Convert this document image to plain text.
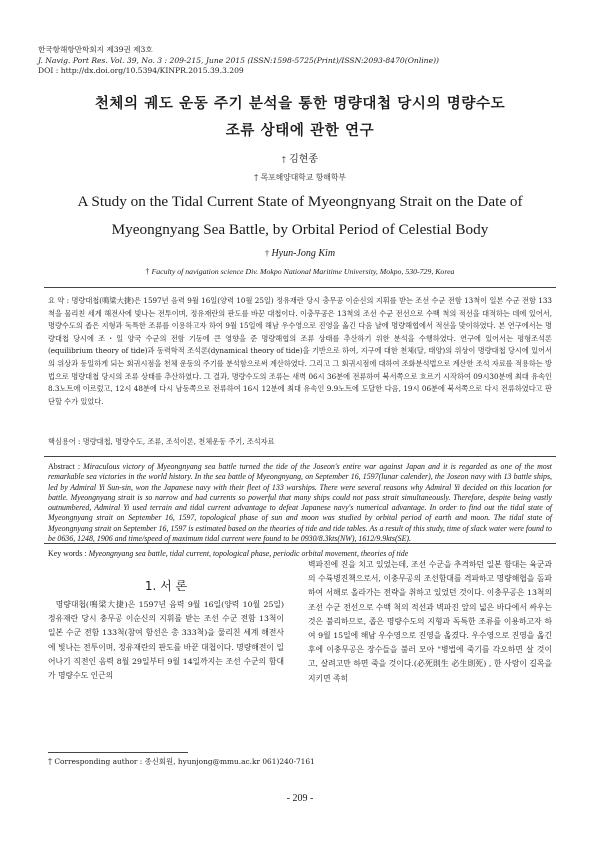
한국항해항만학회지 제39권 제3호
J. Navig. Port Res. Vol. 39, No. 3 : 209-215, June 2015 (ISSN:1598-5725(Print)/ISSN:2093-8470(Online))
DOI : http://dx.doi.org/10.5394/KINPR.2015.39.3.209
천체의 궤도 운동 주기 분석을 통한 명량대첩 당시의 명량수도
조류 상태에 관한 연구
† 김현종
† 목포해양대학교 항해학부
A Study on the Tidal Current State of Myeongnyang Strait on the Date of
Myeongnyang Sea Battle, by Orbital Period of Celestial Body
† Hyun-Jong Kim
† Faculty of navigation science Div. Mokpo National Maritime University, Mokpo, 530-729, Korea
요 약 : 명량대첩(鳴梁大捷)은 1597년 음력 9월 16일(양력 10월 25일) 정유재란 당시 충무공 이순신의 지휘를 받는 조선 수군 전함 13척이 일본 수군 전함 133척을 물리친 세계 해전사에 빛나는 전투이며, 정유재란의 판도를 바꾼 대첩이다. 이충무공은 13척의 조선 수군 전선으로 수백 척의 적선을 대적하는 데에 있어서, 명량수도의 좁은 지형과 독특한 조류를 이용하고자 하여 9월 15일에 해남 우수영으로 진영을 옮긴 다음 날에 명량해협에서 적선을 맞이하였다. 본 연구에서는 명량대첩 당시에 조・일 양국 수군의 전함 기동에 큰 영향을 준 명량해협의 조류 상태를 추산하기 위한 분석을 수행하였다. 연구에 있어서는 평형조석론(equilibrium theory of tide)과 동력학적 조석론(dynamical theory of tide)을 기반으로 하여, 지구에 대한 천체(달, 태양)의 위상이 명량대첩 당시에 있어서의 위상과 동일하게 되는 회귀시점을 천체 운동의 주기를 분석함으로써 계산하였다. 그리고 그 회귀시점에 대하여 조화분석법으로 계산한 조석 자료를 적용하는 방법으로 명량대첩 당시의 조류 상태를 추산하였다. 그 결과, 명량수도의 조류는 새벽 06시 36분에 전류하여 북서쪽으로 흐르기 시작하여 09시30분에 최대 유속인 8.3노트에 이르렀고, 12시 48분에 다시 남동쪽으로 전류하여 16시 12분에 최대 유속인 9.9노트에 도달한 다음, 19시 06분에 북서쪽으로 다시 전류하였다고 판단할 수가 있었다.
핵심용어 : 명량대첩, 명량수도, 조류, 조석이론, 천체운동 주기, 조석자료
Abstract : Miraculous victory of Myeongnyang sea battle turned the tide of the Joseon's entire war against Japan and it is regarded as one of the most remarkable sea victories in the world history. In the sea battle of Myeongnyang, on September 16, 1597(lunar calender), the Joseon navy with 13 battle ships, led by Admiral Yi Sun-sin, won the Japanese navy with their fleet of 133 warships. There were several reasons why Admiral Yi decided on this location for battle. Myeongnyang strait is so narrow and had currents so powerful that many ships could not pass strait simultaneously. Therefore, despite being vastly outnumbered, Admiral Yi used terrain and tidal current advantage to defeat Japanese navy's numerical advantage. In order to find out the tidal state of Myeongnyang strait on September 16, 1597, topological phase of sun and moon was studied by orbital period of earth and moon. The tidal state of Myeongnyang strait on September 16, 1597 is estimated based on the theories of tide and tide tables. As a result of this study, time of slack water were found to be 0636, 1248, 1906 and time/speed of maximum tidal current were found to be 0930/8.3kts(NW), 1612/9.9kts(SE).
Key words : Myeongnyang sea battle, tidal current, topological phase, periodic orbital movement, theories of tide
1. 서 론
명량대첩(鳴梁大捷)은 1597년 음력 9월 16일(양력 10월 25일) 정유재란 당시 충무공 이순신의 지휘를 받는 조선 수군 전함 13척이 일본 수군 전함 133척(참여 함선은 총 333척)을 물리친 세계 해전사에 빛나는 전투이며, 정유재란의 판도를 바꾼 대첩이다. 명량해전이 일어나기 직전인 음력 8월 29일부터 9월 14일까지는 조선 수군의 함대가 명량수도 인근의
벽파진에 진을 치고 있었는데, 조선 수군을 추격하던 일본 함대는 육군과의 수륙병진책으로서, 이충무공의 조선함대를 격파하고 명량해협을 돌파하여 서해로 올라가는 전략을 취하고 있었던 것이다. 이충무공은 13척의 조선 수군 전선으로 수백 척의 적선과 벽파진 앞의 넓은 바다에서 싸우는 것은 불리하므로, 좁은 명량수도의 지형과 독특한 조류를 이용하고자 하여 9월 15일에 해남 우수영으로 진영을 옮겼다. 우수영으로 진영을 옮긴 후에 이충무공은 장수들을 불러 모아 "병법에 죽기를 각오하면 살 것이고, 살려고만 하면 죽을 것이다.(必死則生 必生則死) , 한 사람이 길목을 지키면 족히
† Corresponding author : 종신회원, hyunjong@mmu.ac.kr 061)240-7161
- 209 -
